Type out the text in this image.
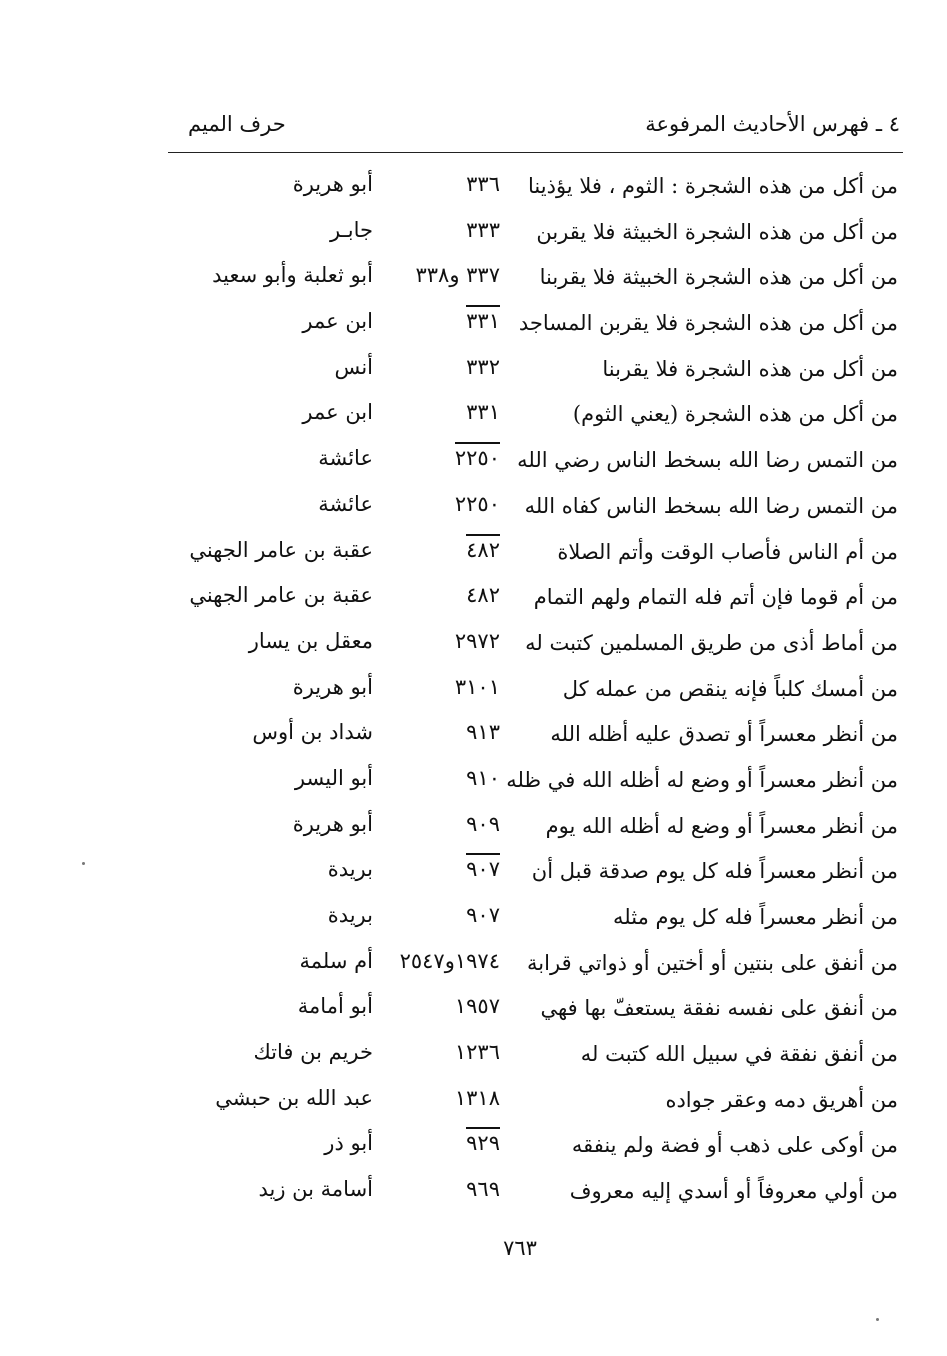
٤ ـ فهرس الأحاديث المرفوعة
حرف الميم
من أكل من هذه الشجرة : الثوم ، فلا يؤذينا
٣٣٦
أبو هريرة
من أكل من هذه الشجرة الخبيثة فلا يقربن
٣٣٣
جابـر
من أكل من هذه الشجرة الخبيثة فلا يقربنا
٣٣٧ و٣٣٨
أبو ثعلبة وأبو سعيد
من أكل من هذه الشجرة فلا يقربن المساجد
٣٣١
ابن عمر
من أكل من هذه الشجرة فلا يقربنا
٣٣٢
أنس
من أكل من هذه الشجرة (يعني الثوم)
٣٣١
ابن عمر
من التمس رضا الله بسخط الناس رضي الله
٢٢٥٠
عائشة
من التمس رضا الله بسخط الناس كفاه الله
٢٢٥٠
عائشة
من أم الناس فأصاب الوقت وأتم الصلاة
٤٨٢
عقبة بن عامر الجهني
من أم قوما فإن أتم فله التمام ولهم التمام
٤٨٢
عقبة بن عامر الجهني
من أماط أذى من طريق المسلمين كتبت له
٢٩٧٢
معقل بن يسار
من أمسك كلباً فإنه ينقص من عمله كل
٣١٠١
أبو هريرة
من أنظر معسراً أو تصدق عليه أظله الله
٩١٣
شداد بن أوس
من أنظر معسراً أو وضع له أظله الله في ظله
٩١٠
أبو اليسر
من أنظر معسراً أو وضع له أظله الله يوم
٩٠٩
أبو هريرة
من أنظر معسراً فله كل يوم صدقة قبل أن
٩٠٧
بريدة
من أنظر معسراً فله كل يوم مثله
٩٠٧
بريدة
من أنفق على بنتين أو أختين أو ذواتي قرابة
١٩٧٤و٢٥٤٧
أم سلمة
من أنفق على نفسه نفقة يستعفّ بها فهي
١٩٥٧
أبو أمامة
من أنفق نفقة في سبيل الله كتبت له
١٢٣٦
خريم بن فاتك
من أهريق دمه وعقر جواده
١٣١٨
عبد الله بن حبشي
من أوكى على ذهب أو فضة ولم ينفقه
٩٢٩
أبو ذر
من أولي معروفاً أو أسدي إليه معروف
٩٦٩
أسامة بن زيد
٧٦٣
